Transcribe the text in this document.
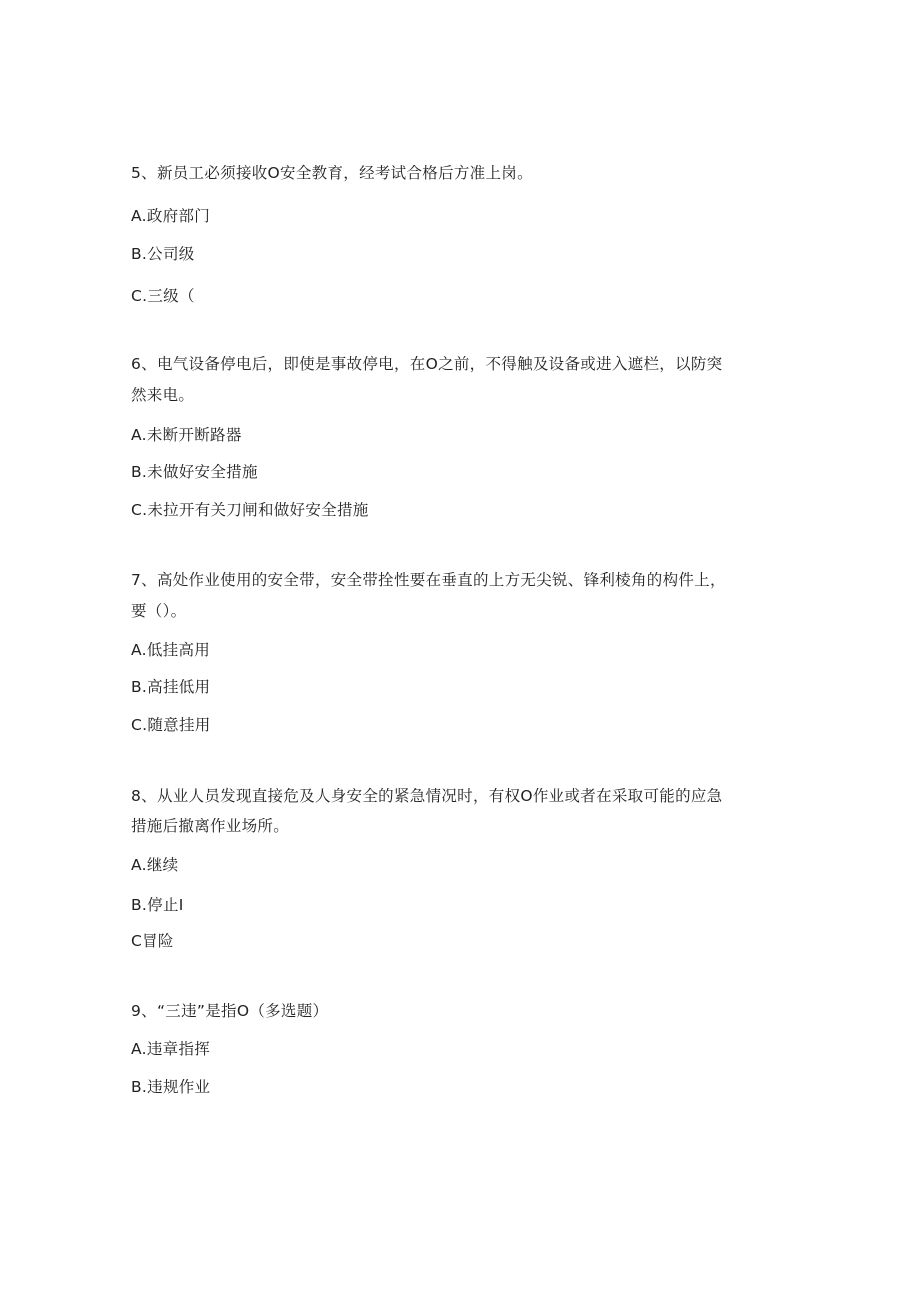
5、新员工必须接收O安全教育，经考试合格后方准上岗。
A.政府部门
B.公司级
C.三级（
6、电气设备停电后，即使是事故停电，在O之前，不得触及设备或进入遮栏，以防突
然来电。
A.未断开断路器
B.未做好安全措施
C.未拉开有关刀闸和做好安全措施
7、高处作业使用的安全带，安全带拴性要在垂直的上方无尖锐、锋利棱角的构件上，
要（）。
A.低挂高用
B.高挂低用
C.随意挂用
8、从业人员发现直接危及人身安全的紧急情况时，有权O作业或者在采取可能的应急
措施后撤离作业场所。
A.继续
B.停止I
C冒险
9、“三违”是指O（多选题）
A.违章指挥
B.违规作业
